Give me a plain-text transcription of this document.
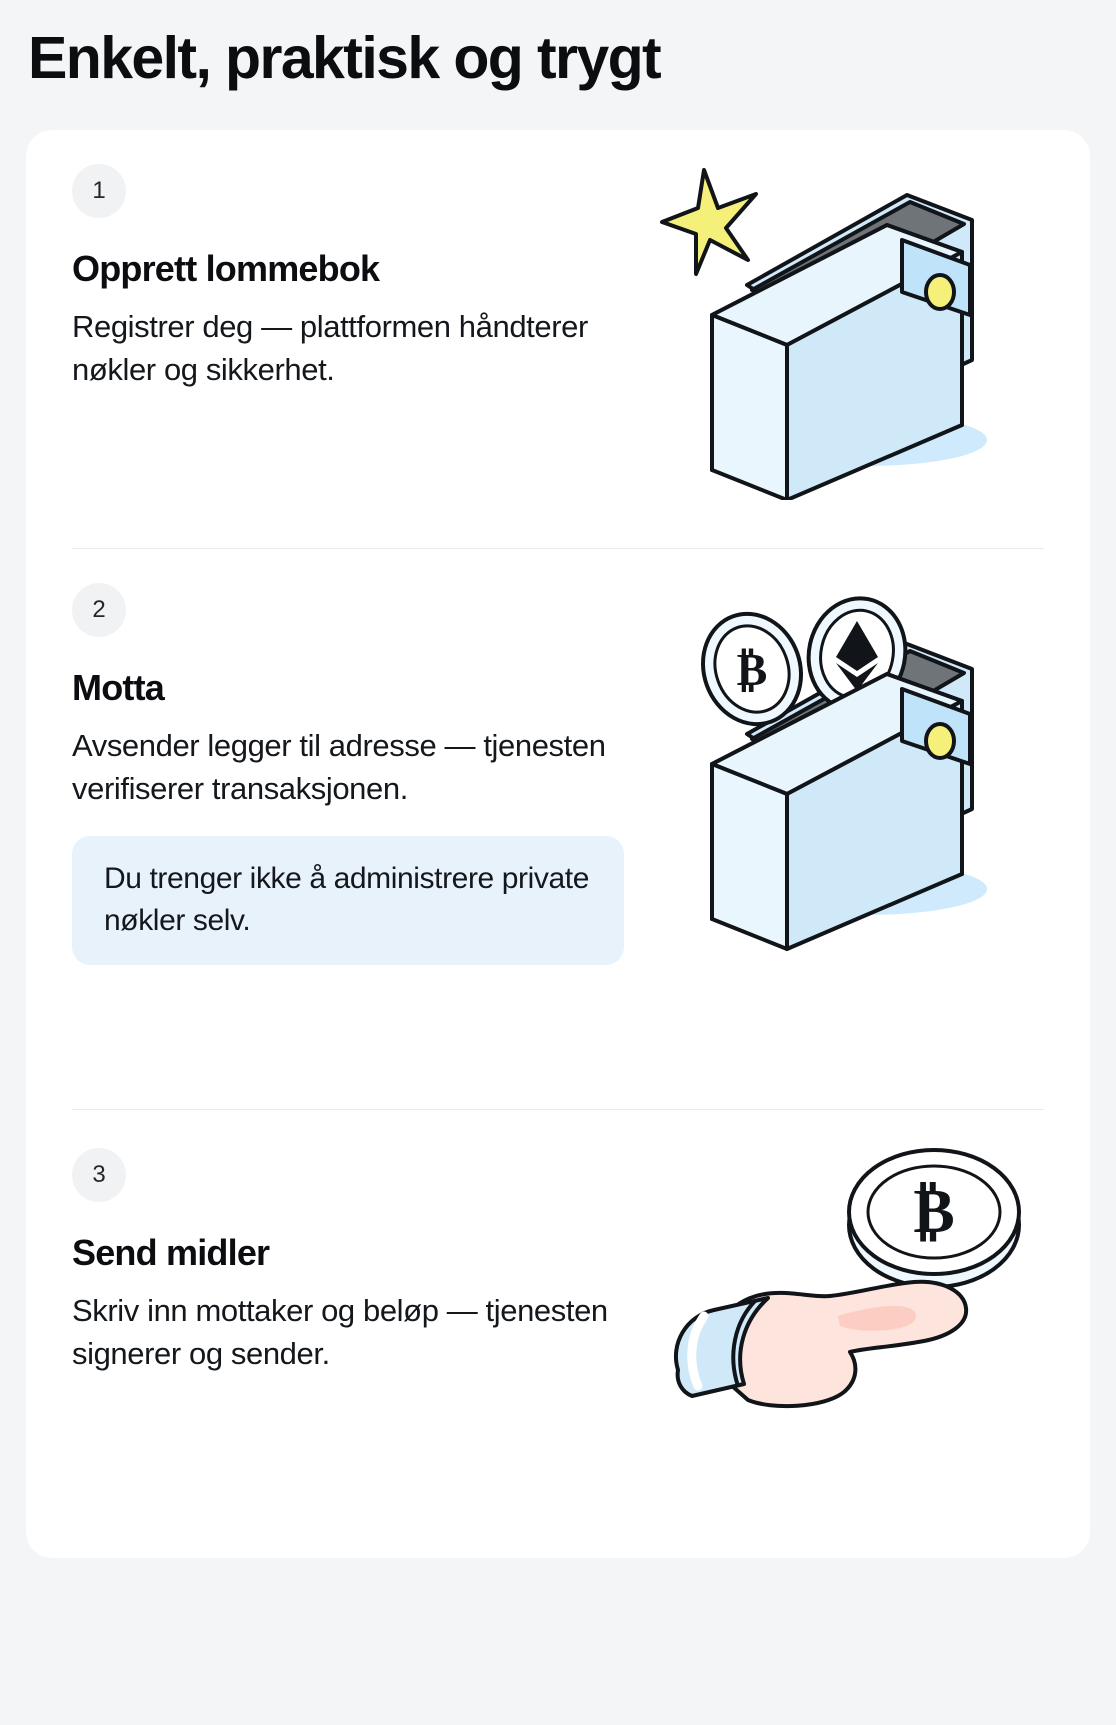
Enkelt, praktisk og trygt
1
Opprett lommebok
Registrer deg — plattformen håndterer nøkler og sikkerhet.
2
Motta
Avsender legger til adresse — tjenesten verifiserer transaksjonen.
Du trenger ikke å administrere private nøkler selv.
₿
3
Send midler
Skriv inn mottaker og beløp — tjenesten signerer og sender.
₿
